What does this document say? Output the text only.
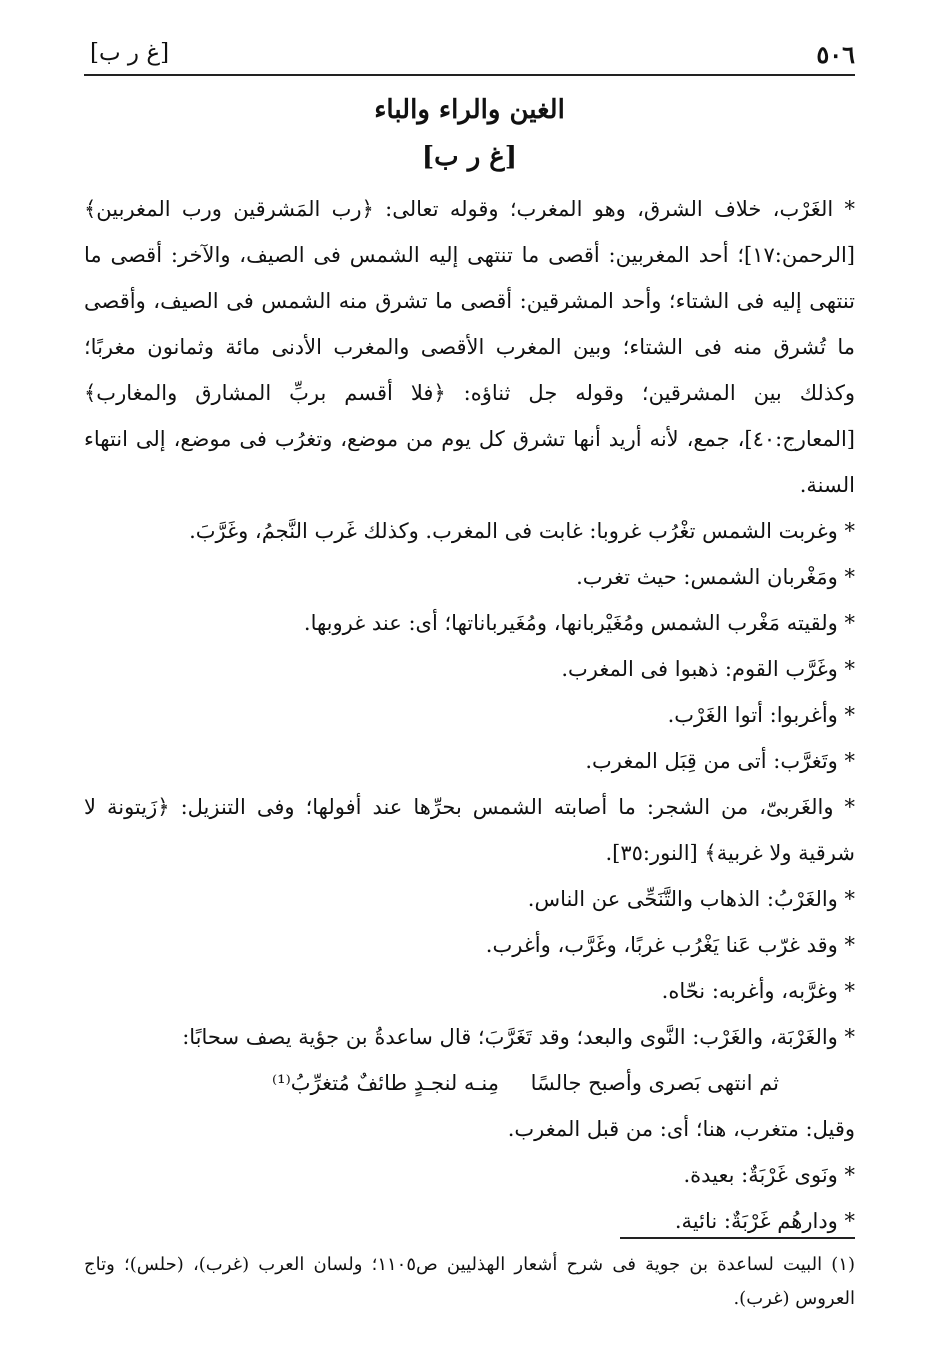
٥٠٦
[غ ر ب]
الغين والراء والباء
[غ ر ب]

* الغَرْب، خلاف الشرق، وهو المغرب؛ وقوله تعالى: ﴿رب المَشرقين ورب المغربين﴾ [الرحمن:١٧]؛ أحد المغربين: أقصى ما تنتهى إليه الشمس فى الصيف، والآخر: أقصى ما تنتهى إليه فى الشتاء؛ وأحد المشرقين: أقصى ما تشرق منه الشمس فى الصيف، وأقصى ما تُشرق منه فى الشتاء؛ وبين المغرب الأقصى والمغرب الأدنى مائة وثمانون مغربًا؛ وكذلك بين المشرقين؛ وقوله جل ثناؤه: ﴿فلا أقسم بربِّ المشارق والمغارب﴾ [المعارج:٤٠]، جمع، لأنه أريد أنها تشرق كل يوم من موضع، وتغرُب فى موضع، إلى انتهاء السنة.

* وغربت الشمس تغْرُب غروبا: غابت فى المغرب. وكذلك غَرب النَّجمُ، وغَرَّبَ.

* ومَغْربان الشمس: حيث تغرب.

* ولقيته مَغْرب الشمس ومُغَيْربانها، ومُغَيرباناتها؛ أى: عند غروبها.

* وغَرَّب القوم: ذهبوا فى المغرب.

* وأغربوا: أتوا الغَرْب.

* وتَغرَّب: أتى من قِبَل المغرب.

* والغَربىّ، من الشجر: ما أصابته الشمس بحرِّها عند أفولها؛ وفى التنزيل: ﴿زَيتونة لا شرقية ولا غربية﴾ [النور:٣٥].

* والغَرْبُ: الذهاب والتَّنَحِّى عن الناس.

* وقد غرّب عَنا يَغْرُب غربًا، وغَرَّب، وأغرب.

* وغرَّبه، وأغربه: نحّاه.

* والغَرْبَة، والغَرْب: النَّوى والبعد؛ وقد تَغَرَّبَ؛ قال ساعدةُ بن جؤية يصف سحابًا:

ثم انتهى بَصرى وأصبح جالسًا
مِنـه لنجـدٍ طائفٌ مُتغرِّبُ⁽¹⁾

وقيل: متغرب، هنا؛ أى: من قبل المغرب.

* ونَوى غَرْبَةٌ: بعيدة.

* ودارهُم غَرْبَةٌ: نائية.

(١) البيت لساعدة بن جوية فى شرح أشعار الهذليين ص١١٠٥؛ ولسان العرب (غرب)، (حلس)؛ وتاج العروس (غرب).
